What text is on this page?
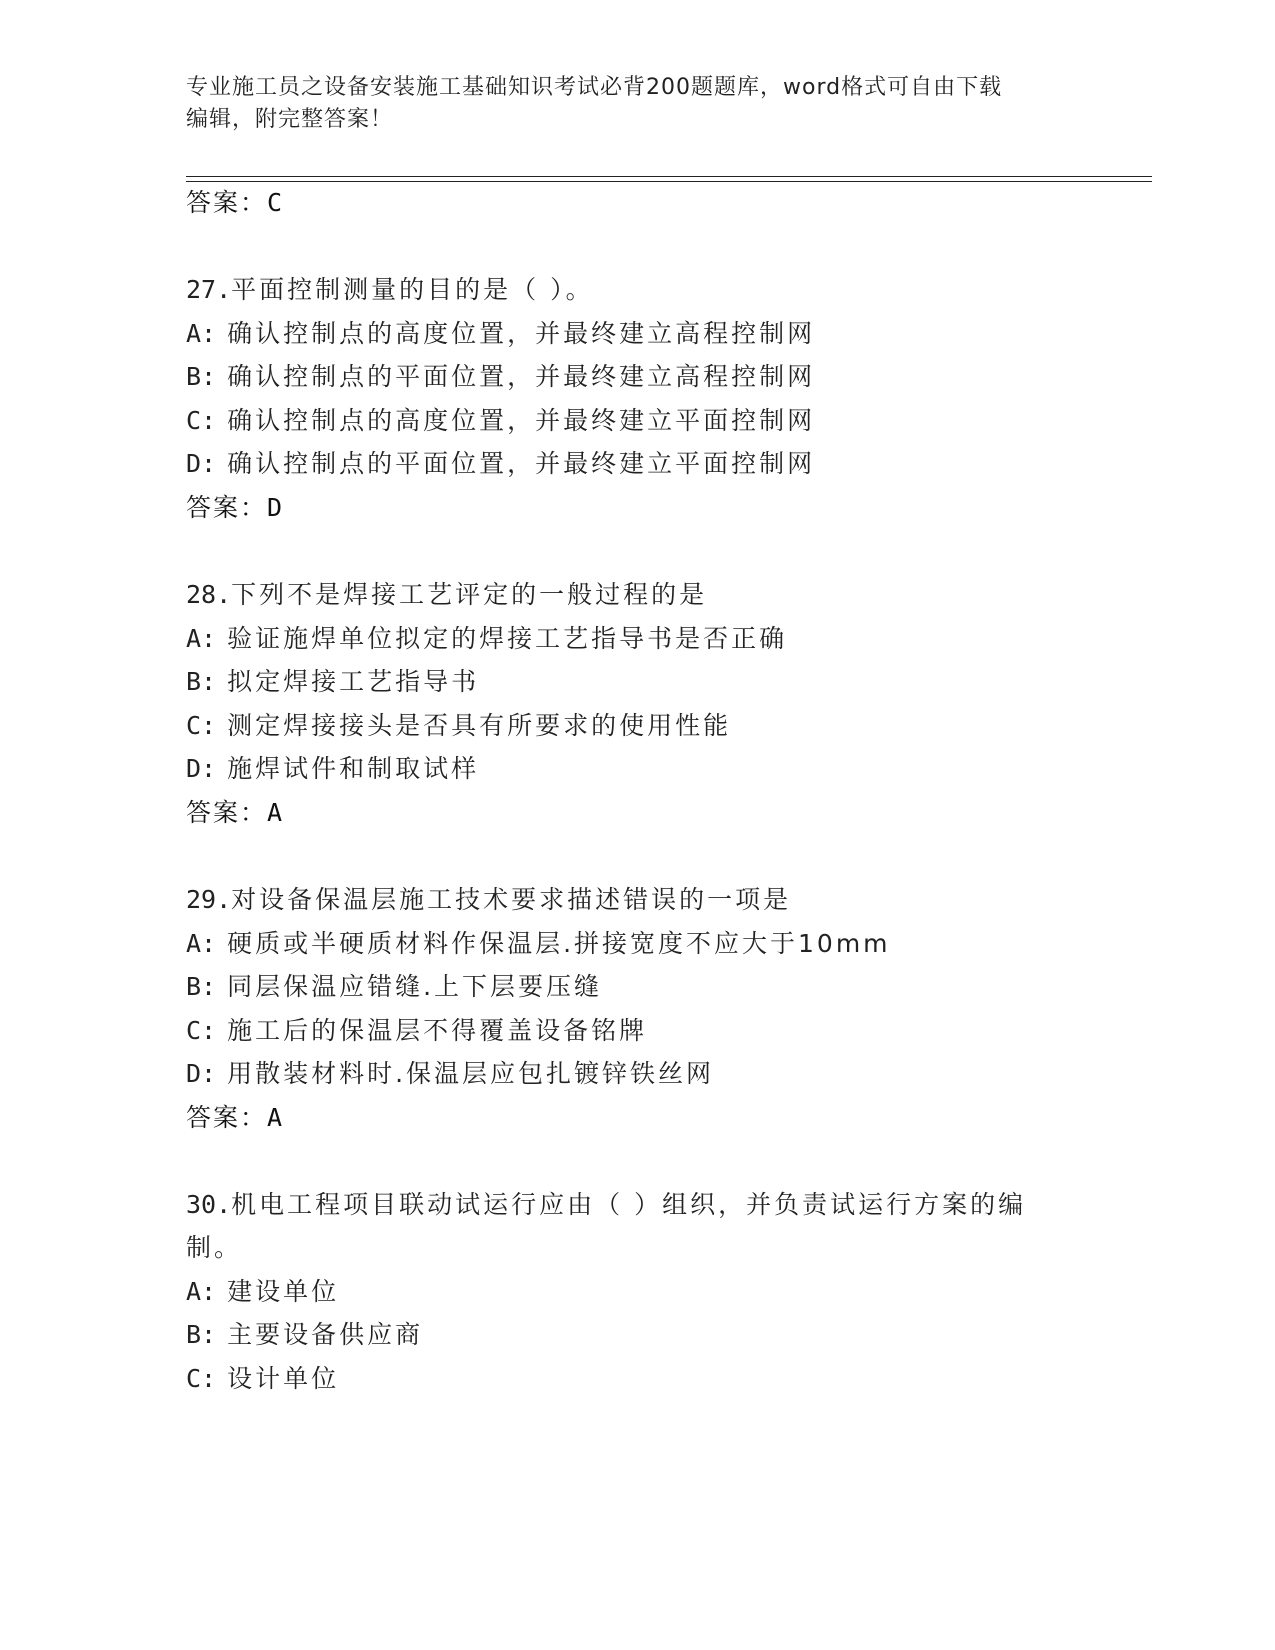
专业施工员之设备安装施工基础知识考试必背200题题库，word格式可自由下载
编辑，附完整答案！
答案：C
27.平面控制测量的目的是（ ）。
A: 确认控制点的高度位置，并最终建立高程控制网
B: 确认控制点的平面位置，并最终建立高程控制网
C: 确认控制点的高度位置，并最终建立平面控制网
D: 确认控制点的平面位置，并最终建立平面控制网
答案：D
28.下列不是焊接工艺评定的一般过程的是
A: 验证施焊单位拟定的焊接工艺指导书是否正确
B: 拟定焊接工艺指导书
C: 测定焊接接头是否具有所要求的使用性能
D: 施焊试件和制取试样
答案：A
29.对设备保温层施工技术要求描述错误的一项是
A: 硬质或半硬质材料作保温层.拼接宽度不应大于10mm
B: 同层保温应错缝.上下层要压缝
C: 施工后的保温层不得覆盖设备铭牌
D: 用散装材料时.保温层应包扎镀锌铁丝网
答案：A
30.机电工程项目联动试运行应由（ ）组织，并负责试运行方案的编
制。
A: 建设单位
B: 主要设备供应商
C: 设计单位
